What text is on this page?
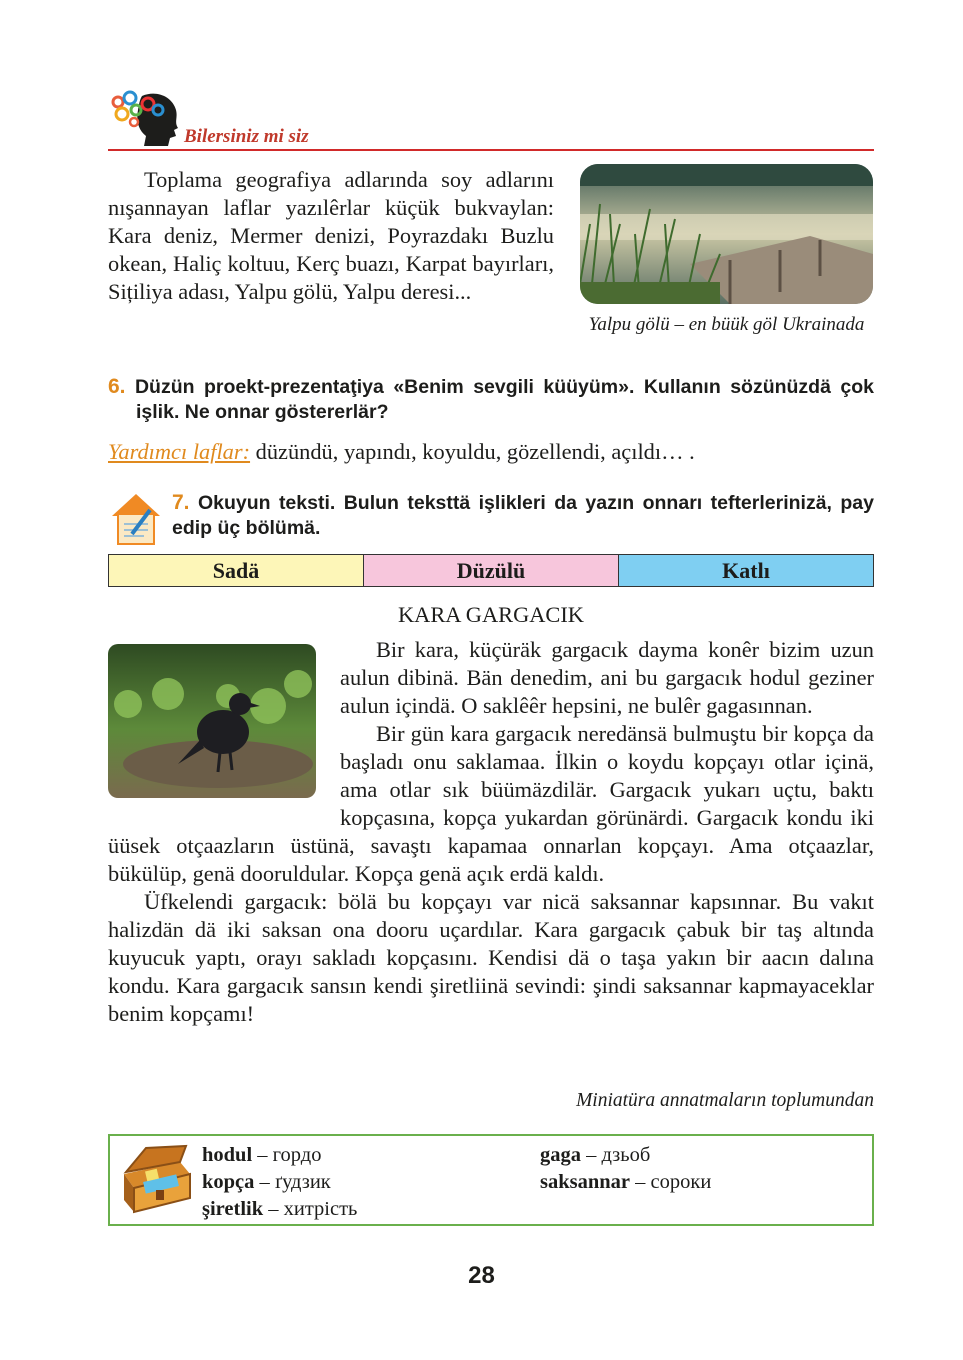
Bilersiniz mi siz

Toplama geografiya adlarında soy adlarını nışannayan laflar yazılêrlar küçük bukvaylan: Kara deniz, Mermer denizi, Poyrazdakı Buzlu okean, Haliç koltuu, Kerç buazı, Karpat bayırları, Sițiliya adası, Yalpu gölü, Yalpu deresi...

Yalpu gölü – en büük göl Ukrainada
6. Düzün proekt-prezentaţiya «Benim sevgili küüyüm». Kullanın sözünüzdä çok işlik. Ne onnar göstererlär?
Yardımcı laflar: düzündü, yapındı, koyuldu, gözellendi, açıldı… .
7. Okuyun teksti. Bulun teksttä işlikleri da yazın onnarı tefterlerinizä, pay edip üç bölümä.
Sadä	Düzülü	Katlı
KARA GARGACIK

Bir kara, küçüräk gargacık dayma konêr bizim uzun aulun dibinä. Bän denedim, ani bu gargacık hodul geziner aulun içindä. O saklêêr hepsini, ne bulêr gagasınnan.

Bir gün kara gargacık neredänsä bulmuştu bir kopça da başladı onu saklamaa. İlkin o koydu kopçayı otlar içinä, ama otlar sık büümäzdilär. Gargacık yukarı uçtu, baktı kopçasına, kopça yukardan görünärdi. Gargacık kondu iki üüsek otçaazların üstünä, savaştı kapamaa onnarlan kopçayı. Ama otçaazlar, bükülüp, genä dooruldular. Kopça genä açık erdä kaldı.

Üfkelendi gargacık: bölä bu kopçayı var nicä saksannar kapsınnar. Bu vakıt halizdän dä iki saksan ona dooru uçardılar. Kara gargacık çabuk bir taş altında kuyucuk yaptı, orayı sakladı kopçasını. Kendisi dä o taşa yakın bir aacın dalına kondu. Kara gargacık sansın kendi şiretliinä sevindi: şindi saksannar kapmayaceklar benim kopçamı!

Miniatüra annatmaların toplumundan
hodul – гордо
kopça – ґудзик
şiretlik – хитрість
gaga – дзьоб
saksannar – сороки
28
